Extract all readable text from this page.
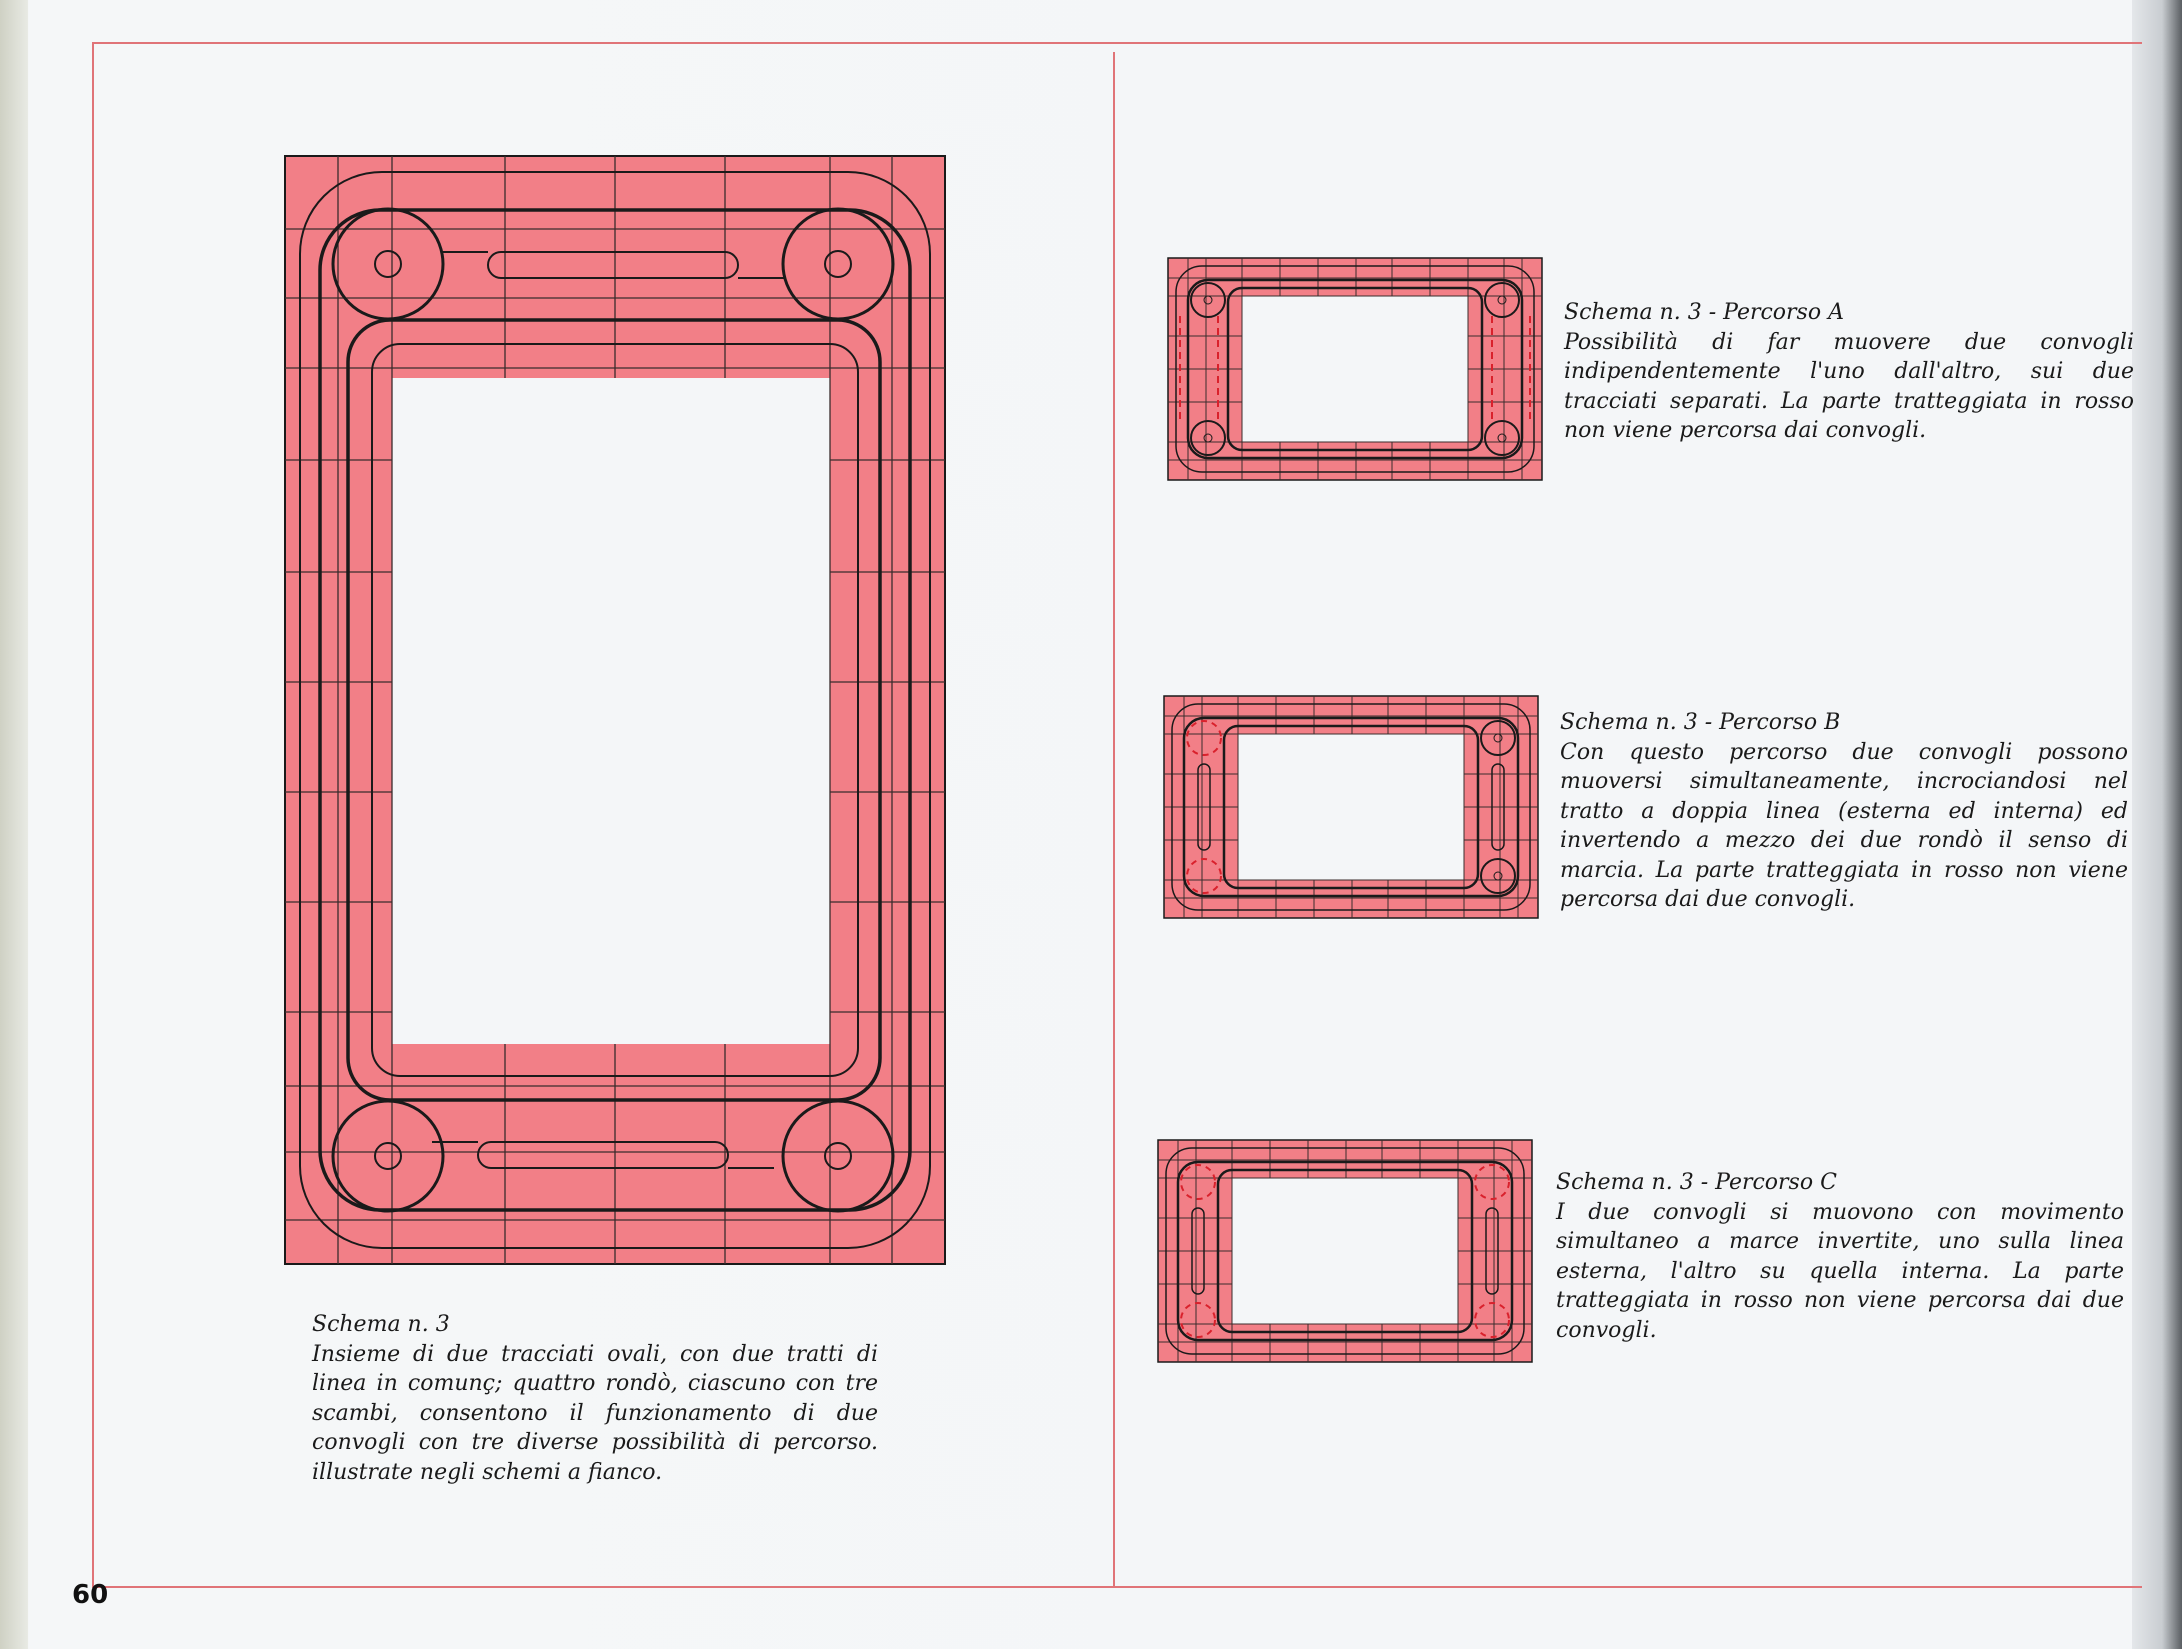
Schema n. 3
Insieme di due tracciati ovali, con due tratti di linea in comunç; quattro rondò, ciascuno con tre scambi, consentono il funzionamento di due convogli con tre diverse possibilità di percorso. illustrate negli schemi a fianco.
Schema n. 3 - Percorso A
Possibilità di far muovere due convogli indipendentemente l'uno dall'altro, sui due tracciati separati. La parte tratteggiata in rosso non viene percorsa dai convogli.
Schema n. 3 - Percorso B
Con questo percorso due convogli possono muoversi simultaneamente, incrociandosi nel tratto a doppia linea (esterna ed interna) ed invertendo a mezzo dei due rondò il senso di marcia. La parte tratteggiata in rosso non viene percorsa dai due convogli.
Schema n. 3 - Percorso C
I due convogli si muovono con movimento simultaneo a marce invertite, uno sulla linea esterna, l'altro su quella interna. La parte tratteggiata in rosso non viene percorsa dai due convogli.
60
